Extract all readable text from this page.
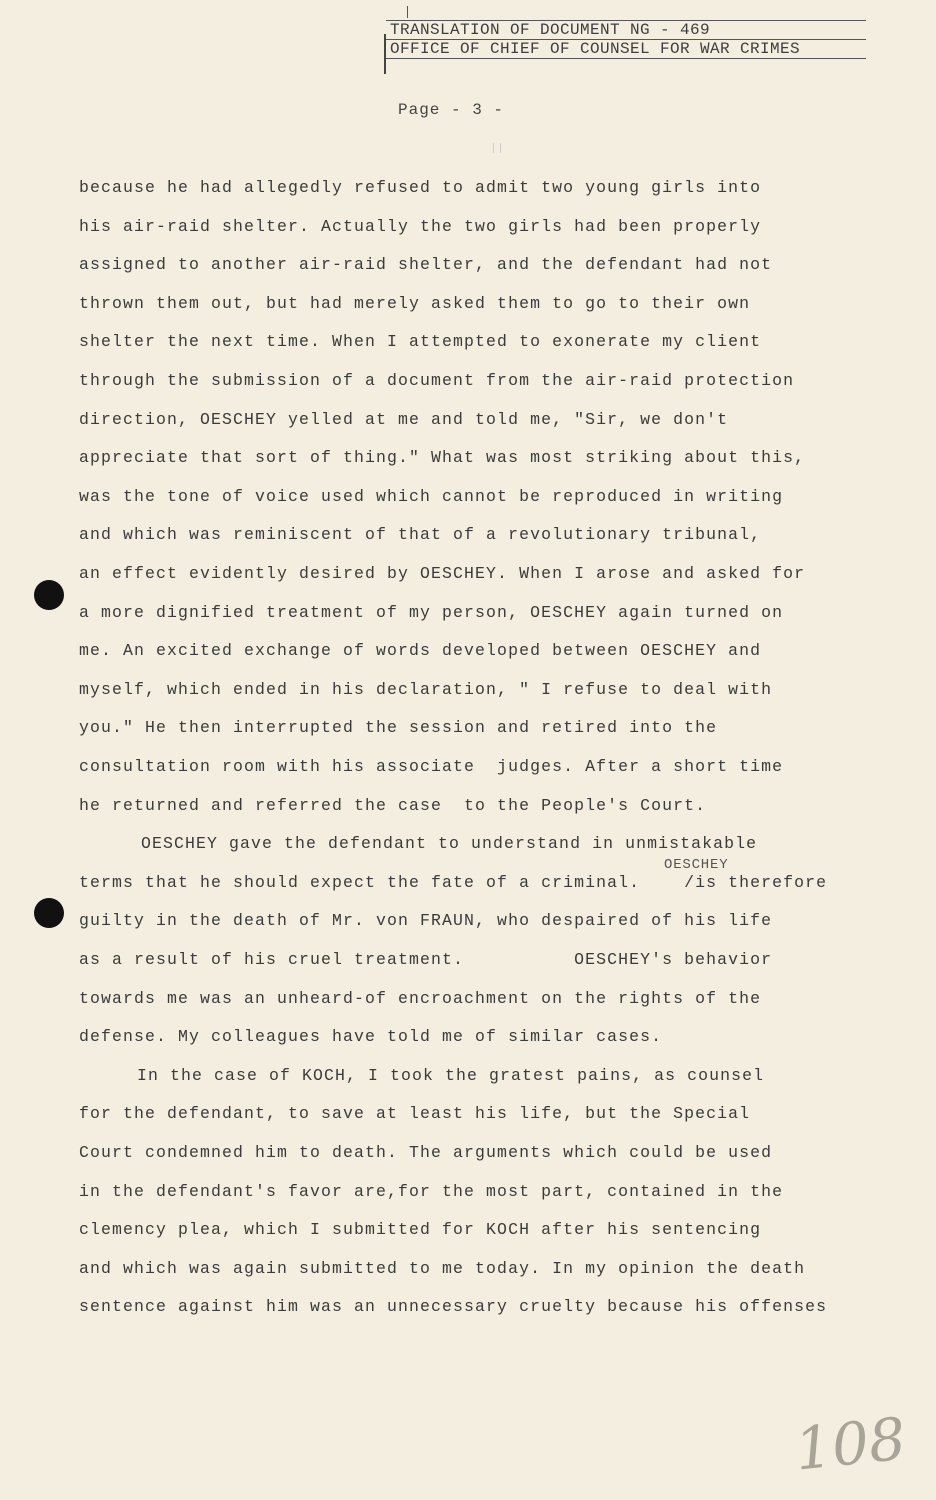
TRANSLATION OF DOCUMENT NG - 469
OFFICE OF CHIEF OF COUNSEL FOR WAR CRIMES
Page - 3 -
because he had allegedly refused to admit two young girls into
his air-raid shelter. Actually the two girls had been properly
assigned to another air-raid shelter, and the defendant had not
thrown them out, but had merely asked them to go to their own
shelter the next time. When I attempted to exonerate my client
through the submission of a document from the air-raid protection
direction, OESCHEY yelled at me and told me, "Sir, we don't
appreciate that sort of thing." What was most striking about this,
was the tone of voice used which cannot be reproduced in writing
and which was reminiscent of that of a revolutionary tribunal,
an effect evidently desired by OESCHEY. When I arose and asked for
a more dignified treatment of my person, OESCHEY again turned on
me. An excited exchange of words developed between OESCHEY and
myself, which ended in his declaration, " I refuse to deal with
you." He then interrupted the session and retired into the
consultation room with his associate  judges. After a short time
he returned and referred the case  to the People's Court.
OESCHEY gave the defendant to understand in unmistakable
terms that he should expect the fate of a criminal.    /is therefore
guilty in the death of Mr. von FRAUN, who despaired of his life
as a result of his cruel treatment.          OESCHEY's behavior
towards me was an unheard-of encroachment on the rights of the
defense. My colleagues have told me of similar cases.
In the case of KOCH, I took the gratest pains, as counsel
for the defendant, to save at least his life, but the Special
Court condemned him to death. The arguments which could be used
in the defendant's favor are,for the most part, contained in the
clemency plea, which I submitted for KOCH after his sentencing
and which was again submitted to me today. In my opinion the death
sentence against him was an unnecessary cruelty because his offenses
OESCHEY
108
